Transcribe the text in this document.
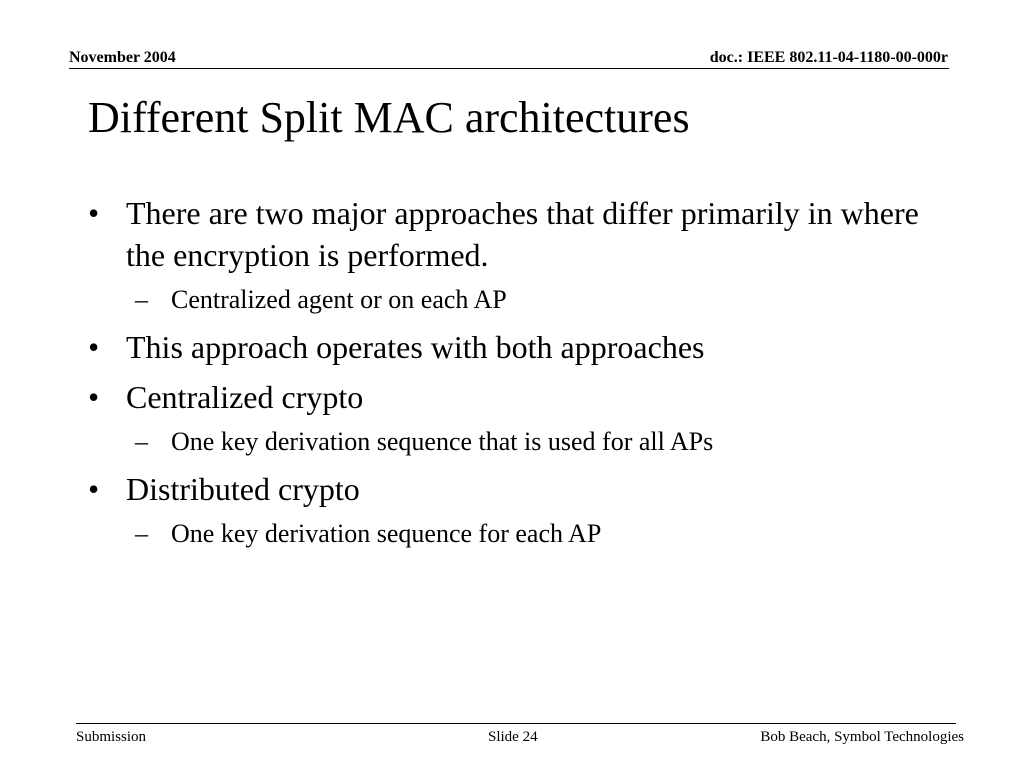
November 2004	doc.: IEEE 802.11-04-1180-00-000r
Different Split MAC architectures
• There are two major approaches that differ primarily in where the encryption is performed.
– Centralized agent or on each AP
• This approach operates with both approaches
• Centralized crypto
– One key derivation sequence that is used for all APs
• Distributed crypto
– One key derivation sequence for each AP
Submission	Slide 24	Bob Beach, Symbol Technologies
